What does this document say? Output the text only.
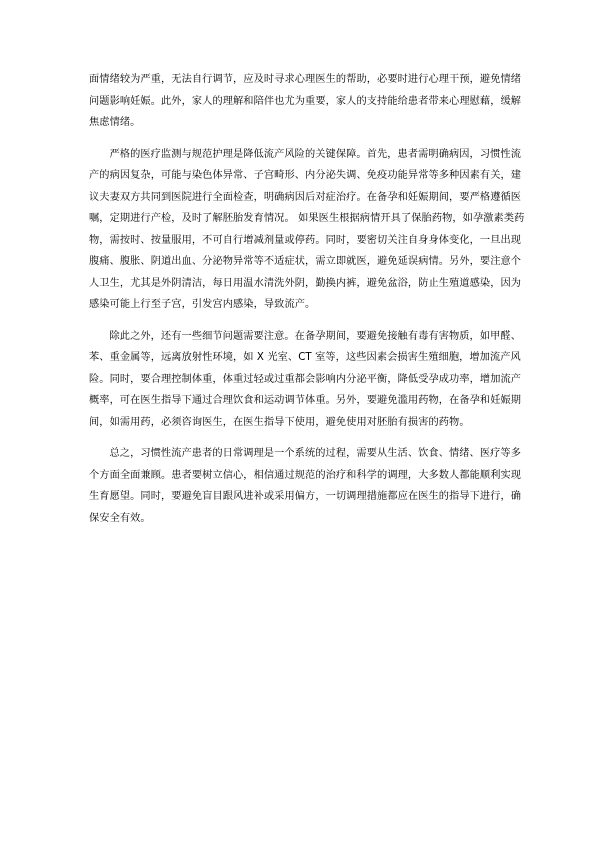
面情绪较为严重，无法自行调节，应及时寻求心理医生的帮助，必要时进行心理干预，避免情绪问题影响妊娠。此外，家人的理解和陪伴也尤为重要，家人的支持能给患者带来心理慰藉，缓解焦虑情绪。

严格的医疗监测与规范护理是降低流产风险的关键保障。首先，患者需明确病因，习惯性流产的病因复杂，可能与染色体异常、子宫畸形、内分泌失调、免疫功能异常等多种因素有关，建议夫妻双方共同到医院进行全面检查，明确病因后对症治疗。在备孕和妊娠期间，要严格遵循医嘱，定期进行产检，及时了解胚胎发育情况。 如果医生根据病情开具了保胎药物，如孕激素类药物，需按时、按量服用，不可自行增减剂量或停药。同时，要密切关注自身身体变化，一旦出现腹痛、腹胀、阴道出血、分泌物异常等不适症状，需立即就医，避免延误病情。另外，要注意个人卫生，尤其是外阴清洁，每日用温水清洗外阴，勤换内裤，避免盆浴，防止生殖道感染，因为感染可能上行至子宫，引发宫内感染，导致流产。

除此之外，还有一些细节问题需要注意。在备孕期间，要避免接触有毒有害物质，如甲醛、苯、重金属等，远离放射性环境，如 X 光室、CT 室等，这些因素会损害生殖细胞，增加流产风险。同时，要合理控制体重，体重过轻或过重都会影响内分泌平衡，降低受孕成功率，增加流产概率，可在医生指导下通过合理饮食和运动调节体重。另外，要避免滥用药物，在备孕和妊娠期间，如需用药，必须咨询医生，在医生指导下使用，避免使用对胚胎有损害的药物。

总之，习惯性流产患者的日常调理是一个系统的过程，需要从生活、饮食、情绪、医疗等多个方面全面兼顾。患者要树立信心，相信通过规范的治疗和科学的调理，大多数人都能顺利实现生育愿望。同时，要避免盲目跟风进补或采用偏方，一切调理措施都应在医生的指导下进行，确保安全有效。
